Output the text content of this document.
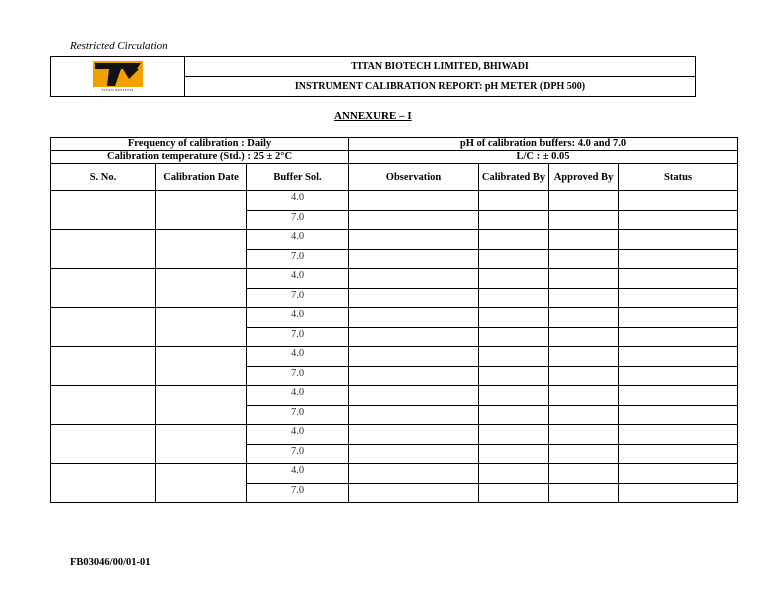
Restricted Circulation
TITAN BIOTECH
	TITAN BIOTECH LIMITED, BHIWADI
INSTRUMENT CALIBRATION REPORT: pH METER (DPH 500)
ANNEXURE – I
Frequency of calibration : Daily			pH of calibration buffers: 4.0 and 7.0			
Calibration temperature (Std.) : 25 ± 2°C			L/C : ± 0.05			
S. No.	Calibration Date	Buffer Sol.	Observation	Calibrated By	Approved By	Status
		4.0				
		7.0				
		4.0				
		7.0				
		4.0				
		7.0				
		4.0				
		7.0				
		4.0				
		7.0				
		4.0				
		7.0				
		4.0				
		7.0				
		4.0				
		7.0				
FB03046/00/01-01
